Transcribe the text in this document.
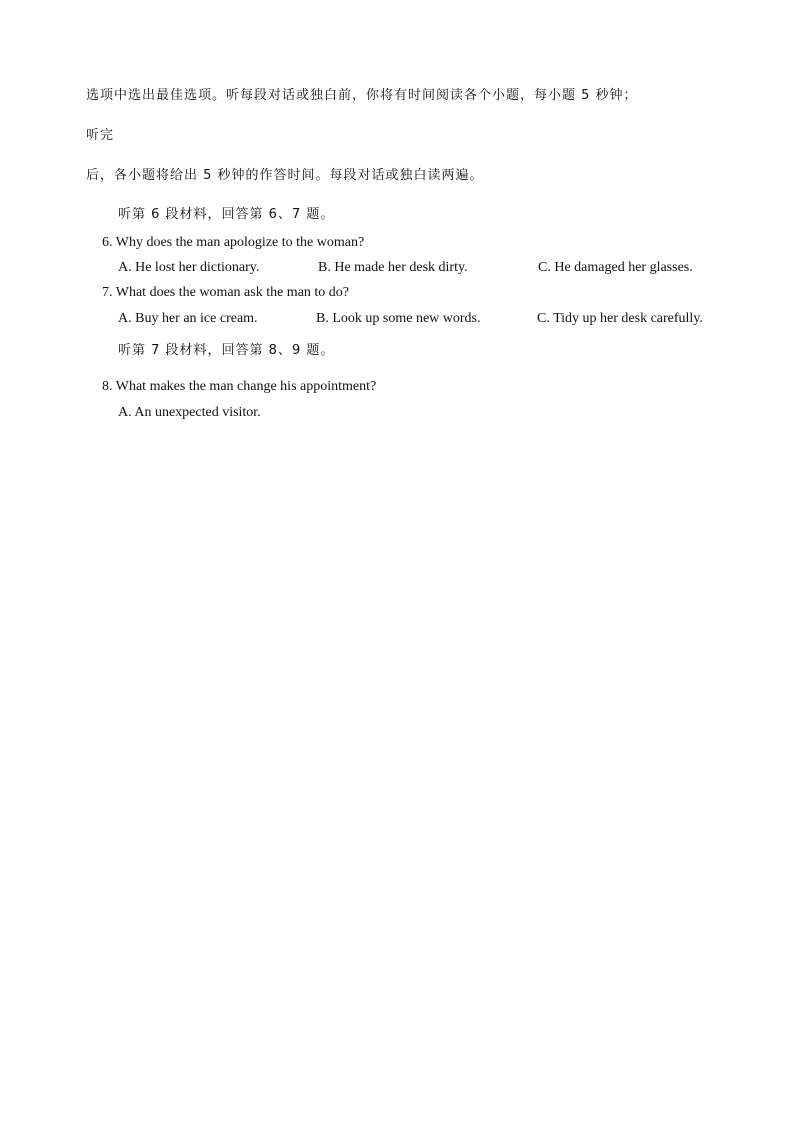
选项中选出最佳选项。听每段对话或独白前，你将有时间阅读各个小题，每小题 5 秒钟；
听完
后，各小题将给出 5 秒钟的作答时间。每段对话或独白读两遍。
听第 6 段材料，回答第 6、7 题。
6. Why does the man apologize to the woman?
A. He lost her dictionary.	B. He made her desk dirty.	C. He damaged her glasses.
7. What does the woman ask the man to do?
A. Buy her an ice cream.	B. Look up some new words.	C. Tidy up her desk carefully.
听第 7 段材料，回答第 8、9 题。
8. What makes the man change his appointment?
A. An unexpected visitor.
